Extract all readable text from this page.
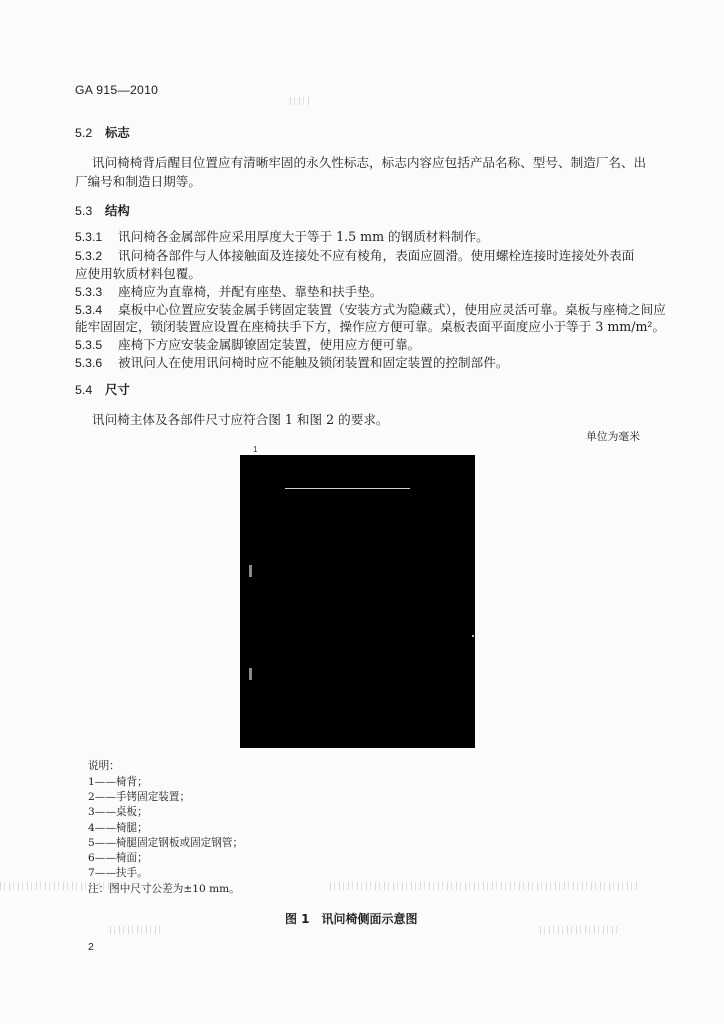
GA 915—2010
5.2 标志
讯问椅椅背后醒目位置应有清晰牢固的永久性标志，标志内容应包括产品名称、型号、制造厂名、出
厂编号和制造日期等。
5.3 结构
5.3.1 讯问椅各金属部件应采用厚度大于等于 1.5 mm 的钢质材料制作。
5.3.2 讯问椅各部件与人体接触面及连接处不应有棱角，表面应圆滑。使用螺栓连接时连接处外表面
应使用软质材料包覆。
5.3.3 座椅应为直靠椅，并配有座垫、靠垫和扶手垫。
5.3.4 桌板中心位置应安装金属手铐固定装置（安装方式为隐藏式），使用应灵活可靠。桌板与座椅之间应
能牢固固定，锁闭装置应设置在座椅扶手下方，操作应方便可靠。桌板表面平面度应小于等于 3 mm/m²。
5.3.5 座椅下方应安装金属脚镣固定装置，使用应方便可靠。
5.3.6 被讯问人在使用讯问椅时应不能触及锁闭装置和固定装置的控制部件。
5.4 尺寸
讯问椅主体及各部件尺寸应符合图 1 和图 2 的要求。
单位为毫米
1
说明：
1——椅背；
2——手铐固定装置；
3——桌板；
4——椅腿；
5——椅腿固定钢板或固定钢管；
6——椅面；
7——扶手。
注：图中尺寸公差为±10 mm。
图 1 讯问椅侧面示意图
2
